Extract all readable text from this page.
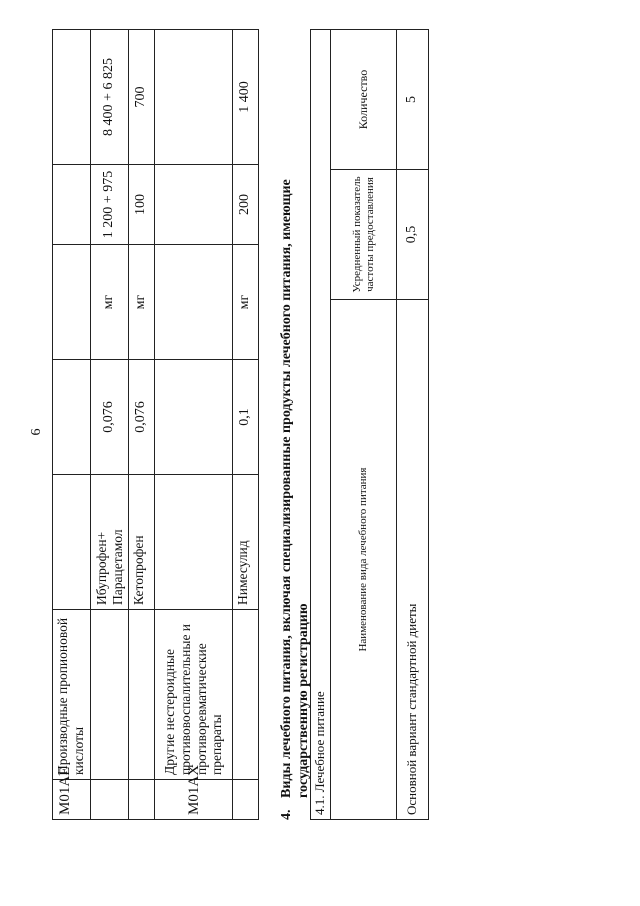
6
M01AE	Производные пропионовой кислоты					
		Ибупрофен+ Парацетамол	0,076	мг	1 200 + 975	8 400 + 6 825
		Кетопрофен	0,076	мг	100	700
M01AX	Другие нестероидные противовоспалительные и противоревматические препараты					
		Нимесулид	0,1	мг	200	1 400
4.Виды лечебного питания, включая специализированные продукты лечебного питания, имеющие государственную регистрацию 4.1. Лечебное питание		
Наименование вида лечебного питания	Усредненный показатель частоты предоставления	Количество
Основной вариант стандартной диеты	0,5	5
